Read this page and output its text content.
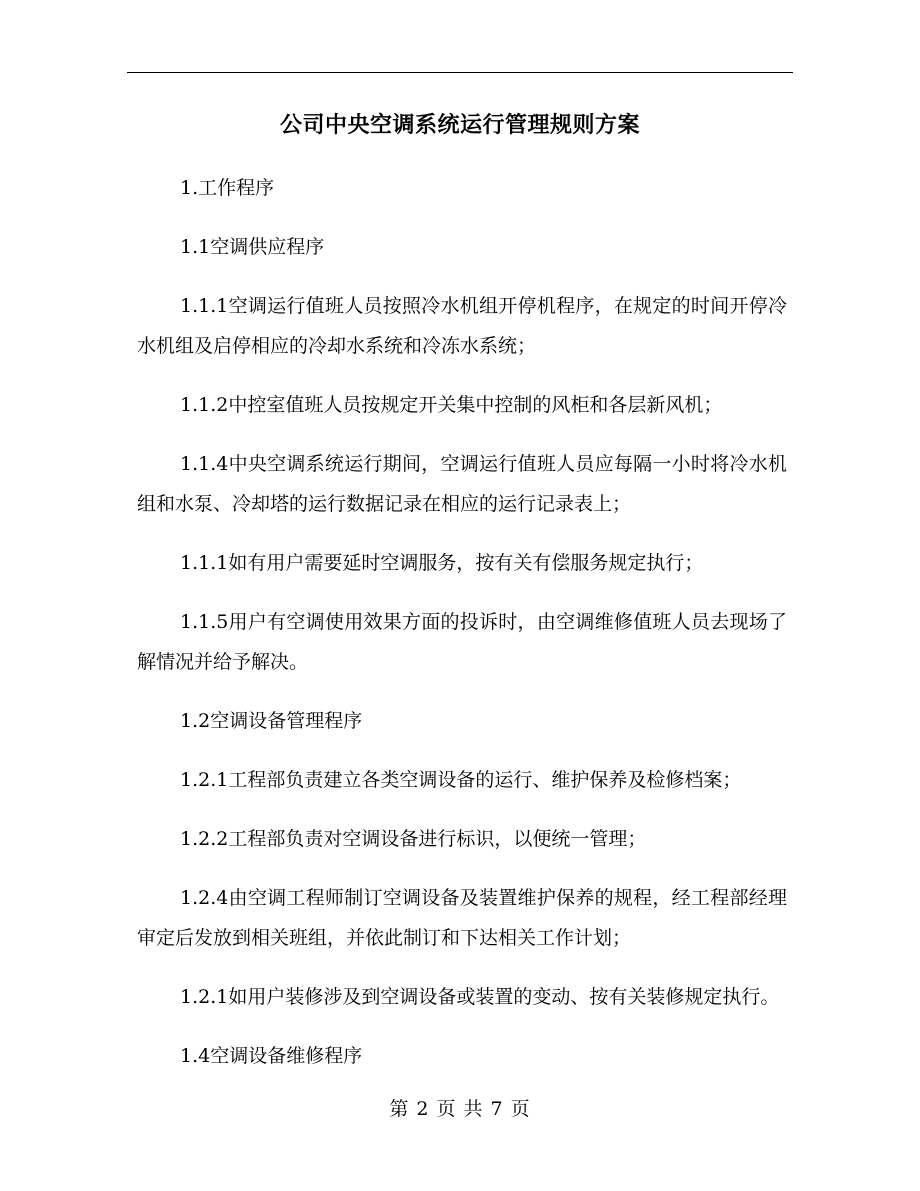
公司中央空调系统运行管理规则方案

1.工作程序

1.1空调供应程序

1.1.1空调运行值班人员按照冷水机组开停机程序，在规定的时间开停冷水机组及启停相应的冷却水系统和冷冻水系统；

1.1.2中控室值班人员按规定开关集中控制的风柜和各层新风机；

1.1.4中央空调系统运行期间，空调运行值班人员应每隔一小时将冷水机组和水泵、冷却塔的运行数据记录在相应的运行记录表上；

1.1.1如有用户需要延时空调服务，按有关有偿服务规定执行；

1.1.5用户有空调使用效果方面的投诉时，由空调维修值班人员去现场了解情况并给予解决。

1.2空调设备管理程序

1.2.1工程部负责建立各类空调设备的运行、维护保养及检修档案；

1.2.2工程部负责对空调设备进行标识，以便统一管理；

1.2.4由空调工程师制订空调设备及装置维护保养的规程，经工程部经理审定后发放到相关班组，并依此制订和下达相关工作计划；

1.2.1如用户装修涉及到空调设备或装置的变动、按有关装修规定执行。

1.4空调设备维修程序

第 2 页 共 7 页
